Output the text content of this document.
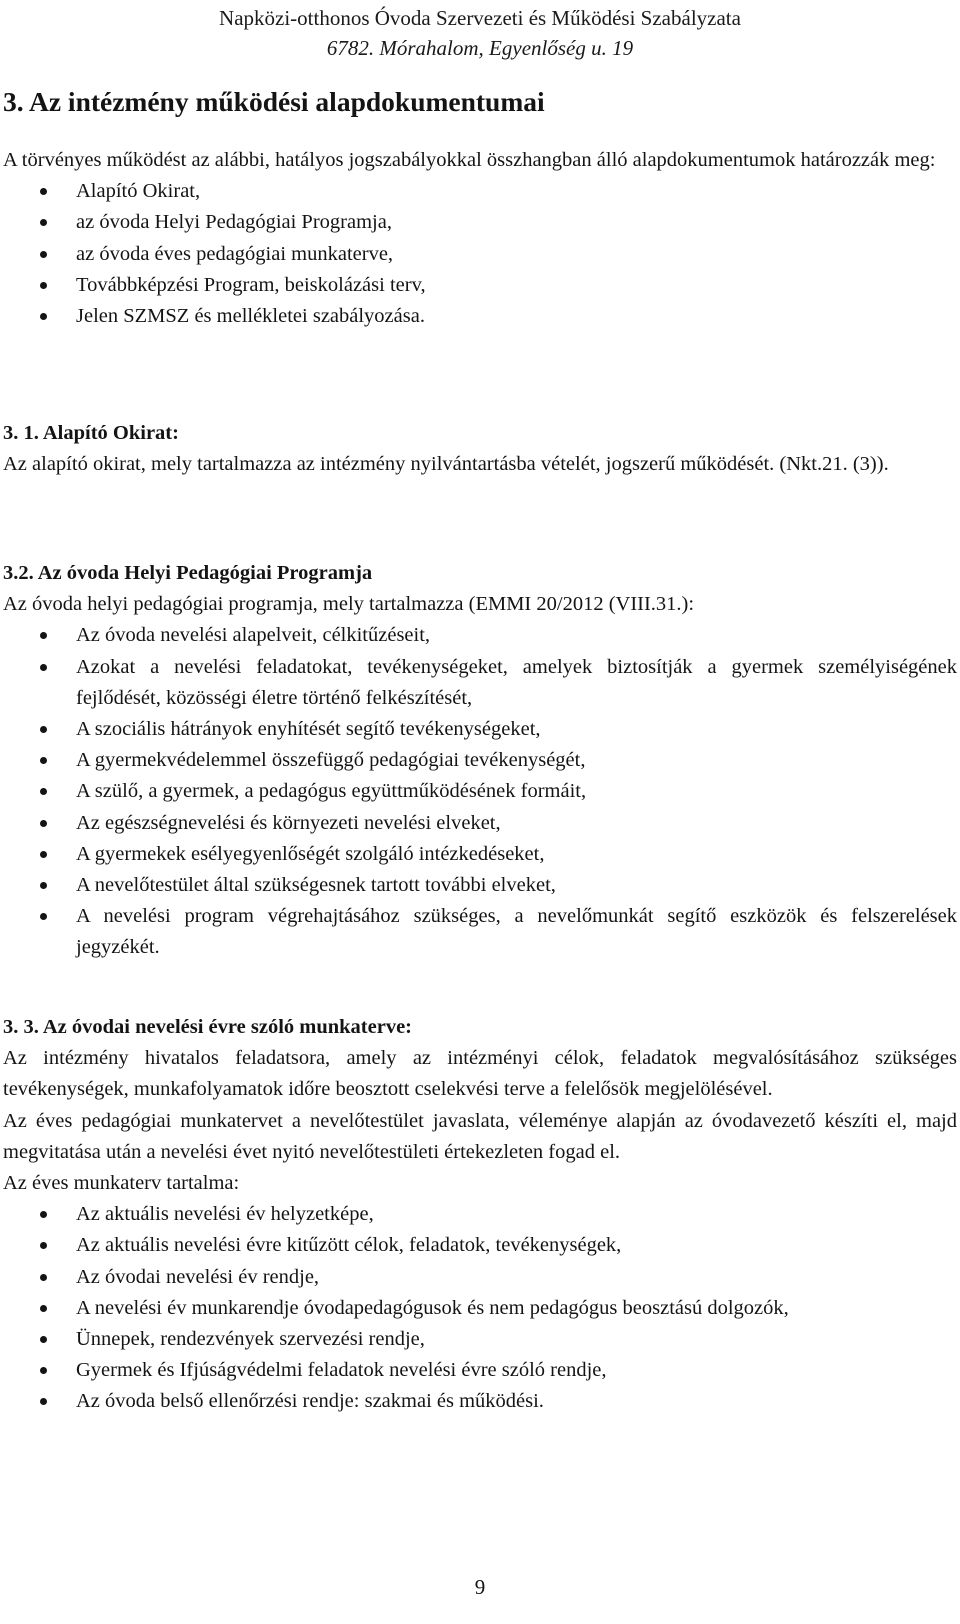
Napközi-otthonos Óvoda Szervezeti és Működési Szabályzata
6782. Mórahalom, Egyenlőség u. 19
3. Az intézmény működési alapdokumentumai
A törvényes működést az alábbi, hatályos jogszabályokkal összhangban álló alapdokumentumok határozzák meg:
Alapító Okirat,
az óvoda Helyi Pedagógiai Programja,
az óvoda éves pedagógiai munkaterve,
Továbbképzési Program, beiskolázási terv,
Jelen SZMSZ és mellékletei szabályozása.
3. 1. Alapító Okirat:
Az alapító okirat, mely tartalmazza az intézmény nyilvántartásba vételét, jogszerű működését. (Nkt.21. (3)).
3.2. Az óvoda Helyi Pedagógiai Programja
Az óvoda helyi pedagógiai programja, mely tartalmazza (EMMI 20/2012 (VIII.31.):
Az óvoda nevelési alapelveit, célkitűzéseit,
Azokat a nevelési feladatokat, tevékenységeket, amelyek biztosítják a gyermek személyiségének fejlődését, közösségi életre történő felkészítését,
A szociális hátrányok enyhítését segítő tevékenységeket,
A gyermekvédelemmel összefüggő pedagógiai tevékenységét,
A szülő, a gyermek, a pedagógus együttműködésének formáit,
Az egészségnevelési és környezeti nevelési elveket,
A gyermekek esélyegyenlőségét szolgáló intézkedéseket,
A nevelőtestület által szükségesnek tartott további elveket,
A nevelési program végrehajtásához szükséges, a nevelőmunkát segítő eszközök és felszerelések jegyzékét.
3. 3. Az óvodai nevelési évre szóló munkaterve:
Az intézmény hivatalos feladatsora, amely az intézményi célok, feladatok megvalósításához szükséges tevékenységek, munkafolyamatok időre beosztott cselekvési terve a felelősök megjelölésével.
Az éves pedagógiai munkatervet a nevelőtestület javaslata, véleménye alapján az óvodavezető készíti el, majd megvitatása után a nevelési évet nyitó nevelőtestületi értekezleten fogad el.
Az éves munkaterv tartalma:
Az aktuális nevelési év helyzetképe,
Az aktuális nevelési évre kitűzött célok, feladatok, tevékenységek,
Az óvodai nevelési év rendje,
A nevelési év munkarendje óvodapedagógusok és nem pedagógus beosztású dolgozók,
Ünnepek, rendezvények szervezési rendje,
Gyermek és Ifjúságvédelmi feladatok nevelési évre szóló rendje,
Az óvoda belső ellenőrzési rendje: szakmai és működési.
9
